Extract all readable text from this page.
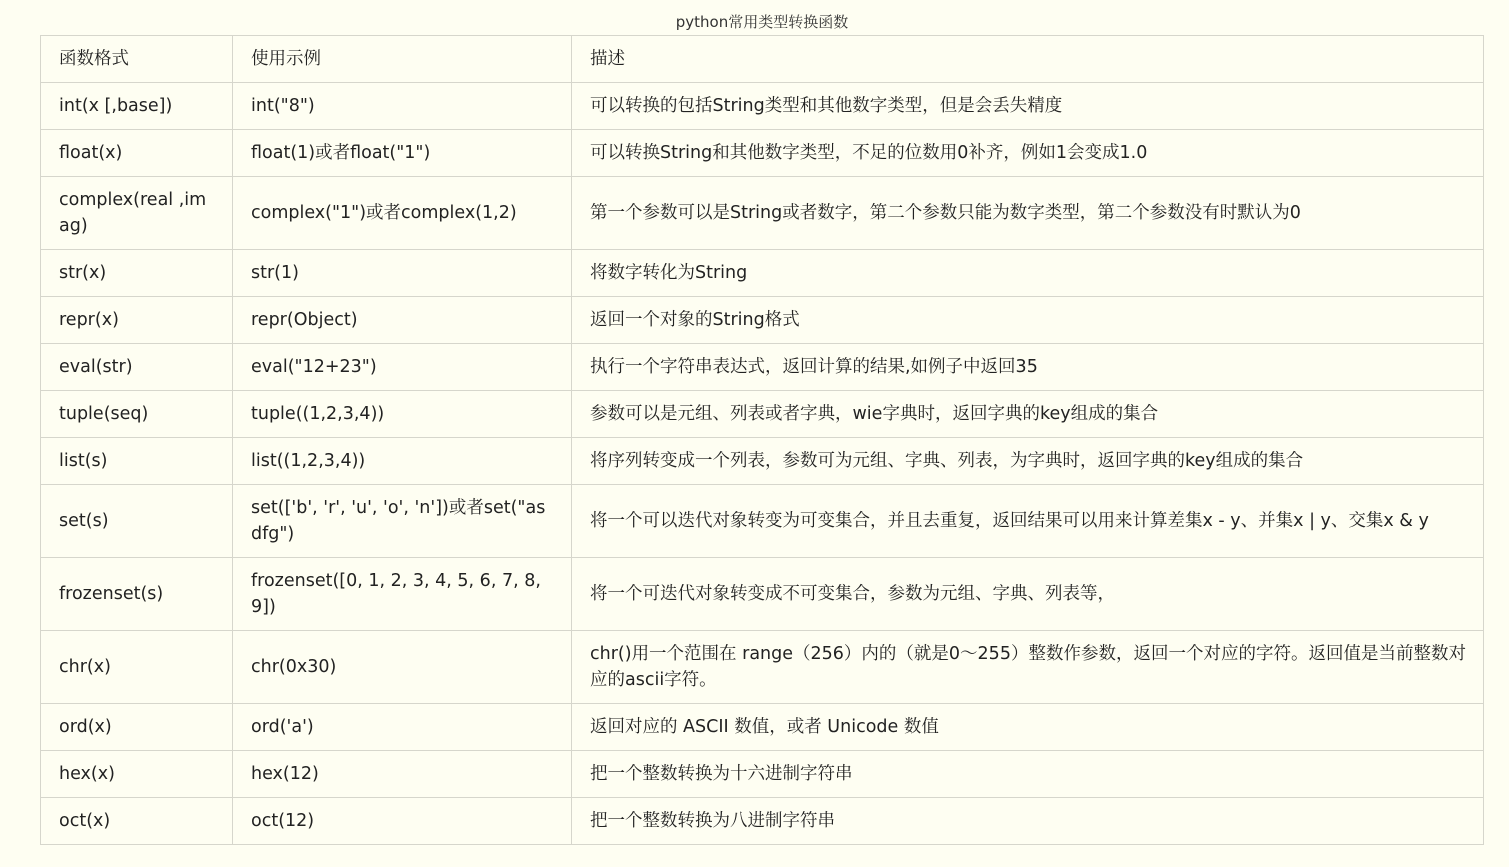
python常用类型转换函数
函数格式	使用示例	描述
int(x [,base])	int("8")	可以转换的包括String类型和其他数字类型，但是会丢失精度
float(x)	float(1)或者float("1")	可以转换String和其他数字类型，不足的位数用0补齐，例如1会变成1.0
complex(real ,imag)	complex("1")或者complex(1,2)	第一个参数可以是String或者数字，第二个参数只能为数字类型，第二个参数没有时默认为0
str(x)	str(1)	将数字转化为String
repr(x)	repr(Object)	返回一个对象的String格式
eval(str)	eval("12+23")	执行一个字符串表达式，返回计算的结果,如例子中返回35
tuple(seq)	tuple((1,2,3,4))	参数可以是元组、列表或者字典，wie字典时，返回字典的key组成的集合
list(s)	list((1,2,3,4))	将序列转变成一个列表，参数可为元组、字典、列表，为字典时，返回字典的key组成的集合
set(s)	set(['b', 'r', 'u', 'o', 'n'])或者set("asdfg")	将一个可以迭代对象转变为可变集合，并且去重复，返回结果可以用来计算差集x - y、并集x | y、交集x & y
frozenset(s)	frozenset([0, 1, 2, 3, 4, 5, 6, 7, 8, 9])	将一个可迭代对象转变成不可变集合，参数为元组、字典、列表等，
chr(x)	chr(0x30)	chr()用一个范围在 range（256）内的（就是0～255）整数作参数，返回一个对应的字符。返回值是当前整数对应的ascii字符。
ord(x)	ord('a')	返回对应的 ASCII 数值，或者 Unicode 数值
hex(x)	hex(12)	把一个整数转换为十六进制字符串
oct(x)	oct(12)	把一个整数转换为八进制字符串
